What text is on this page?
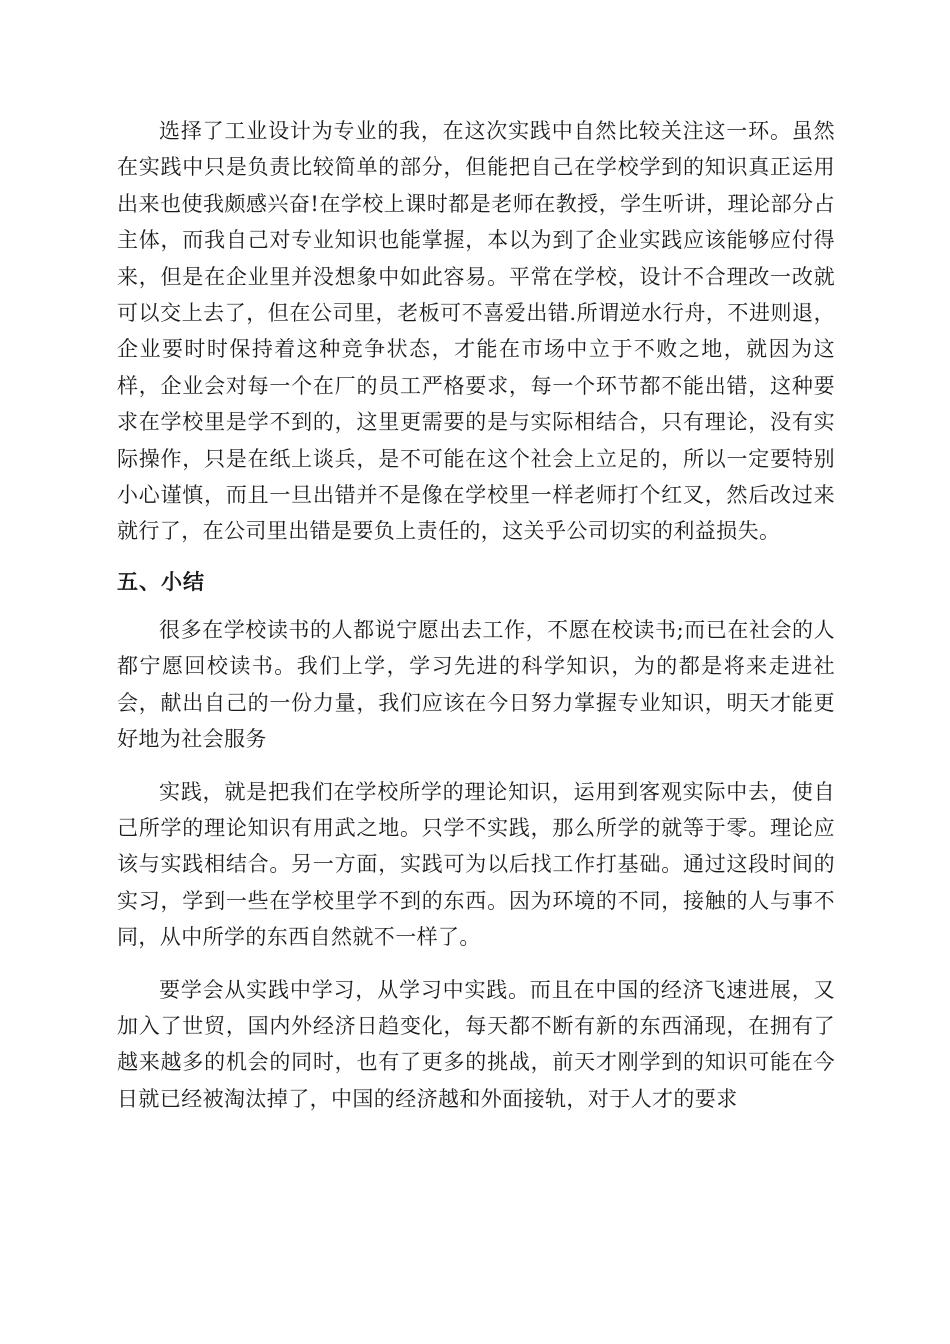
选择了工业设计为专业的我，在这次实践中自然比较关注这一环。虽然在实践中只是负责比较简单的部分，但能把自己在学校学到的知识真正运用出来也使我颇感兴奋!在学校上课时都是老师在教授，学生听讲，理论部分占主体，而我自己对专业知识也能掌握，本以为到了企业实践应该能够应付得来，但是在企业里并没想象中如此容易。平常在学校，设计不合理改一改就可以交上去了，但在公司里，老板可不喜爱出错.所谓逆水行舟，不进则退，企业要时时保持着这种竞争状态，才能在市场中立于不败之地，就因为这样，企业会对每一个在厂的员工严格要求，每一个环节都不能出错，这种要求在学校里是学不到的，这里更需要的是与实际相结合，只有理论，没有实际操作，只是在纸上谈兵，是不可能在这个社会上立足的，所以一定要特别小心谨慎，而且一旦出错并不是像在学校里一样老师打个红叉，然后改过来就行了，在公司里出错是要负上责任的，这关乎公司切实的利益损失。

五、小结

很多在学校读书的人都说宁愿出去工作，不愿在校读书;而已在社会的人都宁愿回校读书。我们上学，学习先进的科学知识，为的都是将来走进社会，献出自己的一份力量，我们应该在今日努力掌握专业知识，明天才能更好地为社会服务

实践，就是把我们在学校所学的理论知识，运用到客观实际中去，使自己所学的理论知识有用武之地。只学不实践，那么所学的就等于零。理论应该与实践相结合。另一方面，实践可为以后找工作打基础。通过这段时间的实习，学到一些在学校里学不到的东西。因为环境的不同，接触的人与事不同，从中所学的东西自然就不一样了。

要学会从实践中学习，从学习中实践。而且在中国的经济飞速进展，又加入了世贸，国内外经济日趋变化，每天都不断有新的东西涌现，在拥有了越来越多的机会的同时，也有了更多的挑战，前天才刚学到的知识可能在今日就已经被淘汰掉了，中国的经济越和外面接轨，对于人才的要求
